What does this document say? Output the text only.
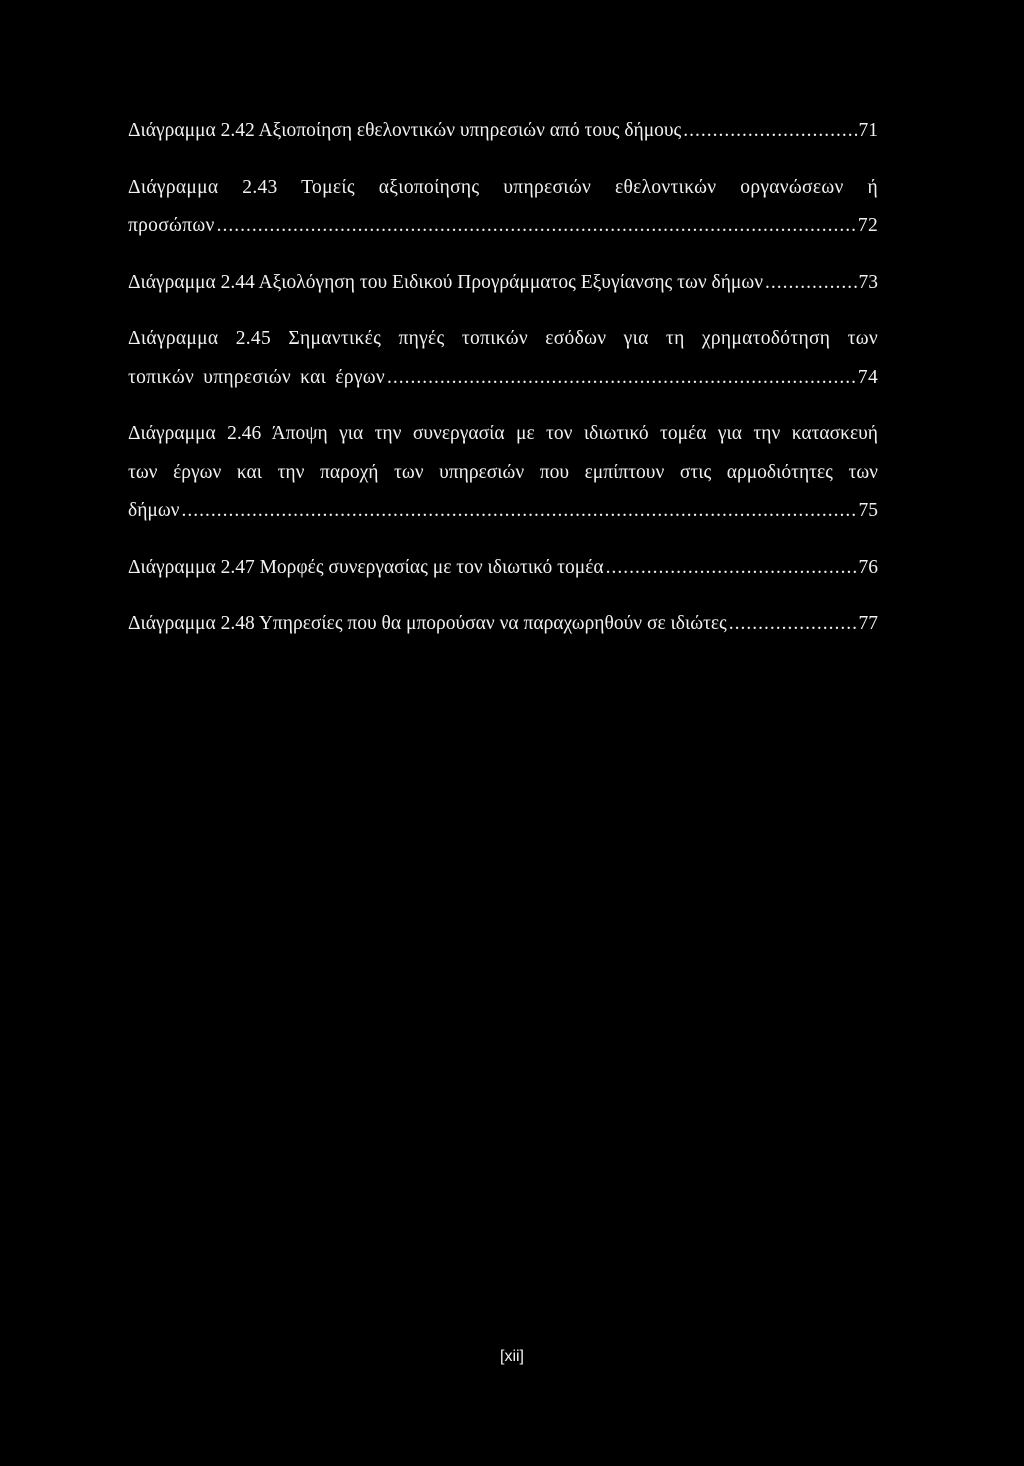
Διάγραμμα 2.42 Αξιοποίηση εθελοντικών υπηρεσιών από τους δήμους .....	71
Διάγραμμα 2.43 Τομείς αξιοποίησης υπηρεσιών εθελοντικών οργανώσεων ή
προσώπων .....	72
Διάγραμμα 2.44 Αξιολόγηση του Ειδικού Προγράμματος Εξυγίανσης των δήμων .....	73
Διάγραμμα 2.45 Σημαντικές πηγές τοπικών εσόδων για τη χρηματοδότηση των
τοπικών υπηρεσιών και έργων .....	74
Διάγραμμα 2.46 Άποψη για την συνεργασία με τον ιδιωτικό τομέα για την κατασκευή
των έργων και την παροχή των υπηρεσιών που εμπίπτουν στις αρμοδιότητες των
δήμων .....	75
Διάγραμμα 2.47 Μορφές συνεργασίας με τον ιδιωτικό τομέα .....	76
Διάγραμμα 2.48 Υπηρεσίες που θα μπορούσαν να παραχωρηθούν σε ιδιώτες .....	77
[xii]
